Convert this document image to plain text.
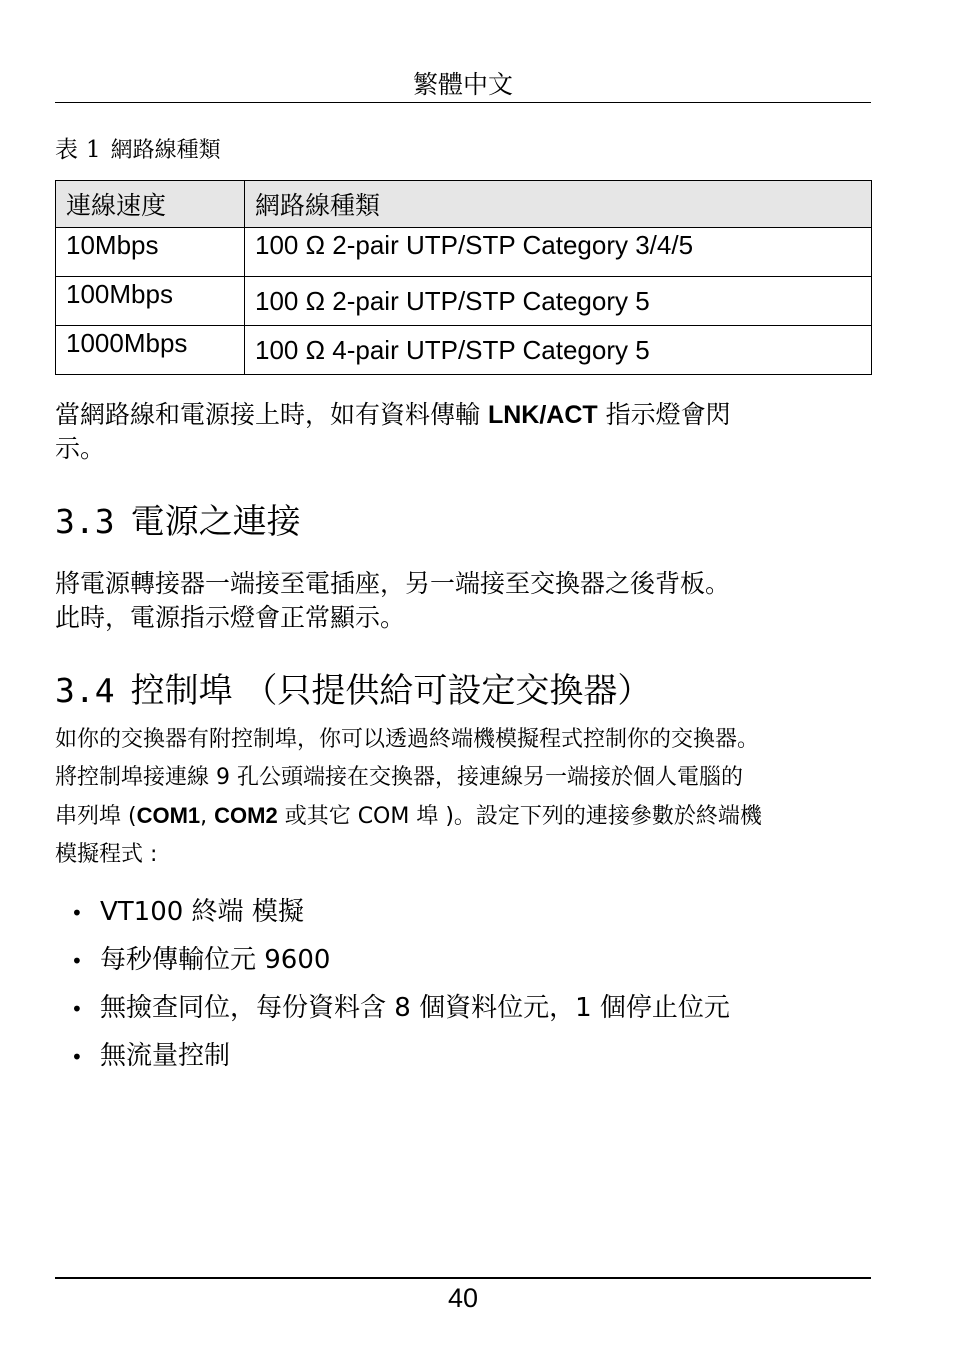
繁體中文
表 1 網路線種類
連線速度	網路線種類
10Mbps	100 Ω 2-pair UTP/STP Category 3/4/5
100Mbps	100 Ω 2-pair UTP/STP Category 5
1000Mbps	100 Ω 4-pair UTP/STP Category 5
當網路線和電源接上時，如有資料傳輸 LNK/ACT 指示燈會閃
示。
3.3 電源之連接
將電源轉接器一端接至電插座，另一端接至交換器之後背板。
此時，電源指示燈會正常顯示。
3.4 控制埠 （只提供給可設定交換器）
如你的交換器有附控制埠，你可以透過終端機模擬程式控制你的交換器。
將控制埠接連線 9 孔公頭端接在交換器，接連線另一端接於個人電腦的
串列埠 (COM1, COM2 或其它 COM 埠 )。設定下列的連接參數於終端機
模擬程式 :
• VT100 終端 模擬
• 每秒傳輸位元 9600
• 無撿查同位，每份資料含 8 個資料位元，1 個停止位元
• 無流量控制
40
